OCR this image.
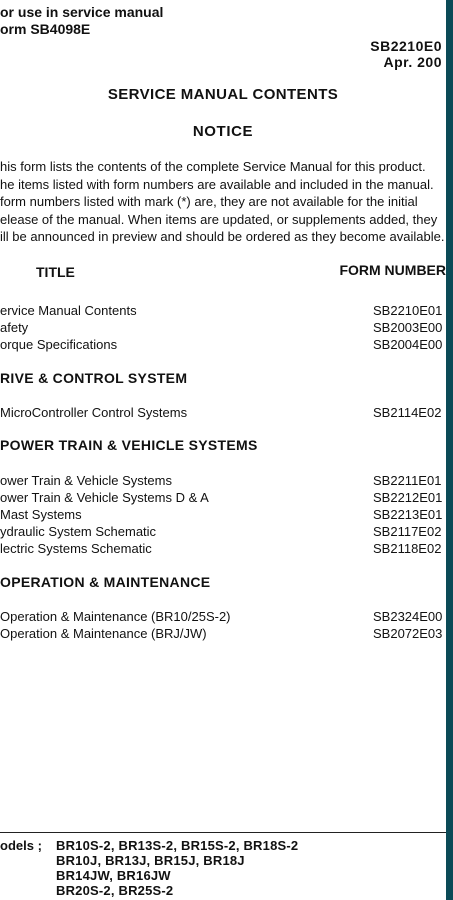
or use in service manual
orm SB4098E
SB2210E0
Apr. 200
SERVICE MANUAL CONTENTS
NOTICE
his form lists the contents of the complete Service Manual for this product.
he items listed with form numbers are available and included in the manual.
form numbers listed with mark (*) are, they are not available for the initial
elease of the manual. When items are updated, or supplements added, they
ill be announced in preview and should be ordered as they become available.
TITLE	FORM NUMBER
ervice Manual Contents	SB2210E01
afety	SB2003E00
orque Specifications	SB2004E00
RIVE & CONTROL SYSTEM
MicroController Control Systems	SB2114E02
POWER TRAIN & VEHICLE SYSTEMS
ower Train & Vehicle Systems	SB2211E01
ower Train & Vehicle Systems D & A	SB2212E01
Mast Systems	SB2213E01
ydraulic System Schematic	SB2117E02
lectric Systems Schematic	SB2118E02
OPERATION & MAINTENANCE
Operation & Maintenance (BR10/25S-2)	SB2324E00
Operation & Maintenance (BRJ/JW)	SB2072E03
odels ; BR10S-2, BR13S-2, BR15S-2, BR18S-2
BR10J, BR13J, BR15J, BR18J
BR14JW, BR16JW
BR20S-2, BR25S-2
